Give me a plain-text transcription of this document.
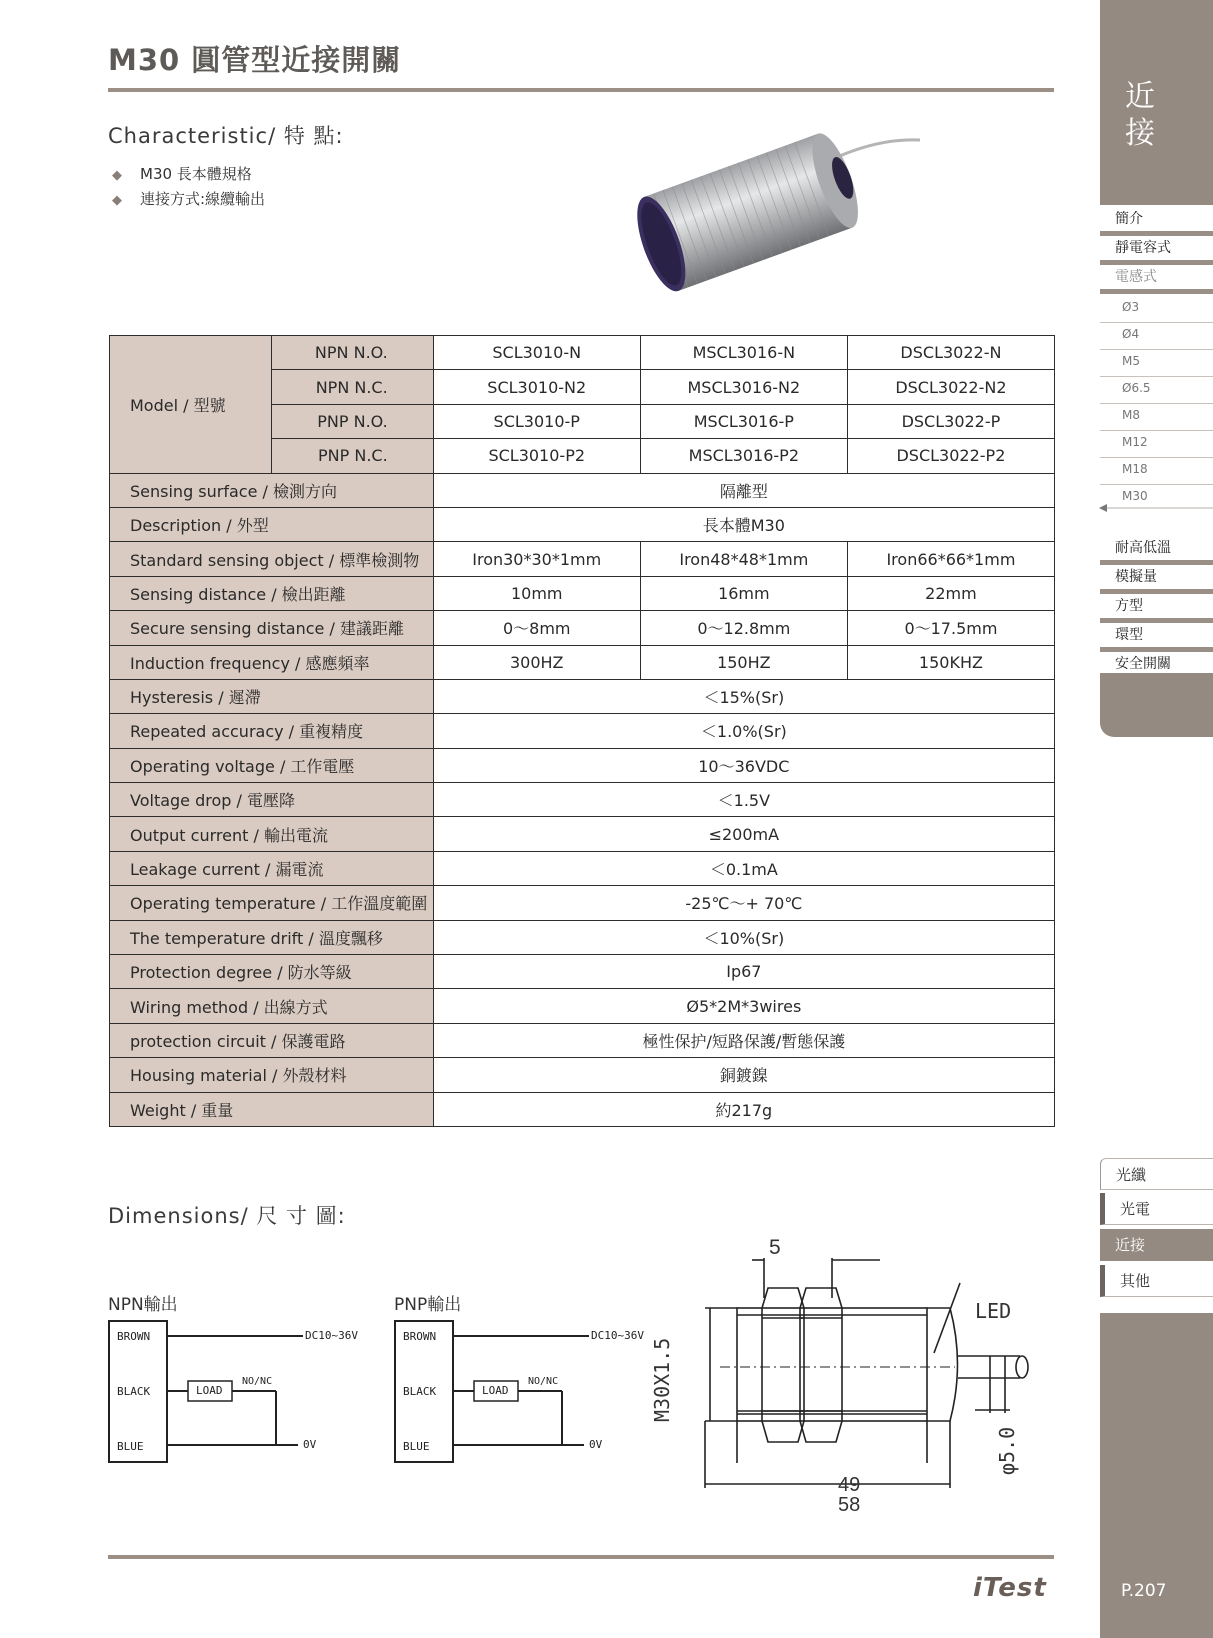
M30 圓管型近接開關
Characteristic/ 特 點:
◆ M30 長本體規格
◆ 連接方式:線纜輸出
Model / 型號	NPN N.O.	SCL3010-N	MSCL3016-N	DSCL3022-N
	NPN N.C.	SCL3010-N2	MSCL3016-N2	DSCL3022-N2
	PNP N.O.	SCL3010-P	MSCL3016-P	DSCL3022-P
	PNP N.C.	SCL3010-P2	MSCL3016-P2	DSCL3022-P2
Sensing surface / 檢測方向		隔離型		
Description / 外型		長本體M30		
Standard sensing object / 標準檢測物		Iron30*30*1mm	Iron48*48*1mm	Iron66*66*1mm
Sensing distance / 檢出距離		10mm	16mm	22mm
Secure sensing distance / 建議距離		0～8mm	0～12.8mm	0～17.5mm
Induction frequency / 感應頻率		300HZ	150HZ	150KHZ
Hysteresis / 遲滯		＜15%(Sr)		
Repeated accuracy / 重複精度		＜1.0%(Sr)		
Operating voltage / 工作電壓		10～36VDC		
Voltage drop / 電壓降		＜1.5V		
Output current / 輸出電流		≤200mA		
Leakage current / 漏電流		＜0.1mA		
Operating temperature / 工作溫度範圍		-25℃～+ 70℃		
The temperature drift / 溫度飄移		＜10%(Sr)		
Protection degree / 防水等級		Ip67		
Wiring method / 出線方式		Ø5*2M*3wires		
protection circuit / 保護電路		極性保护/短路保護/暫態保護		
Housing material / 外殼材料		銅鍍鎳		
Weight / 重量		約217g		
Dimensions/ 尺 寸 圖:
NPN輸出
BROWN
BLACK
BLUE
LOAD
NO/NC
DC10~36V
0V
PNP輸出
BROWN
BLACK
BLUE
LOAD
NO/NC
DC10~36V
0V
5
LED
M30X1.5
φ5.0
49
58
iTest
近
接
簡介
靜電容式
電感式
Ø3
Ø4
M5
Ø6.5
M8
M12
M18
M30
耐高低溫
模擬量
方型
環型
安全開關
光纖
光電
近接
其他
P.207
